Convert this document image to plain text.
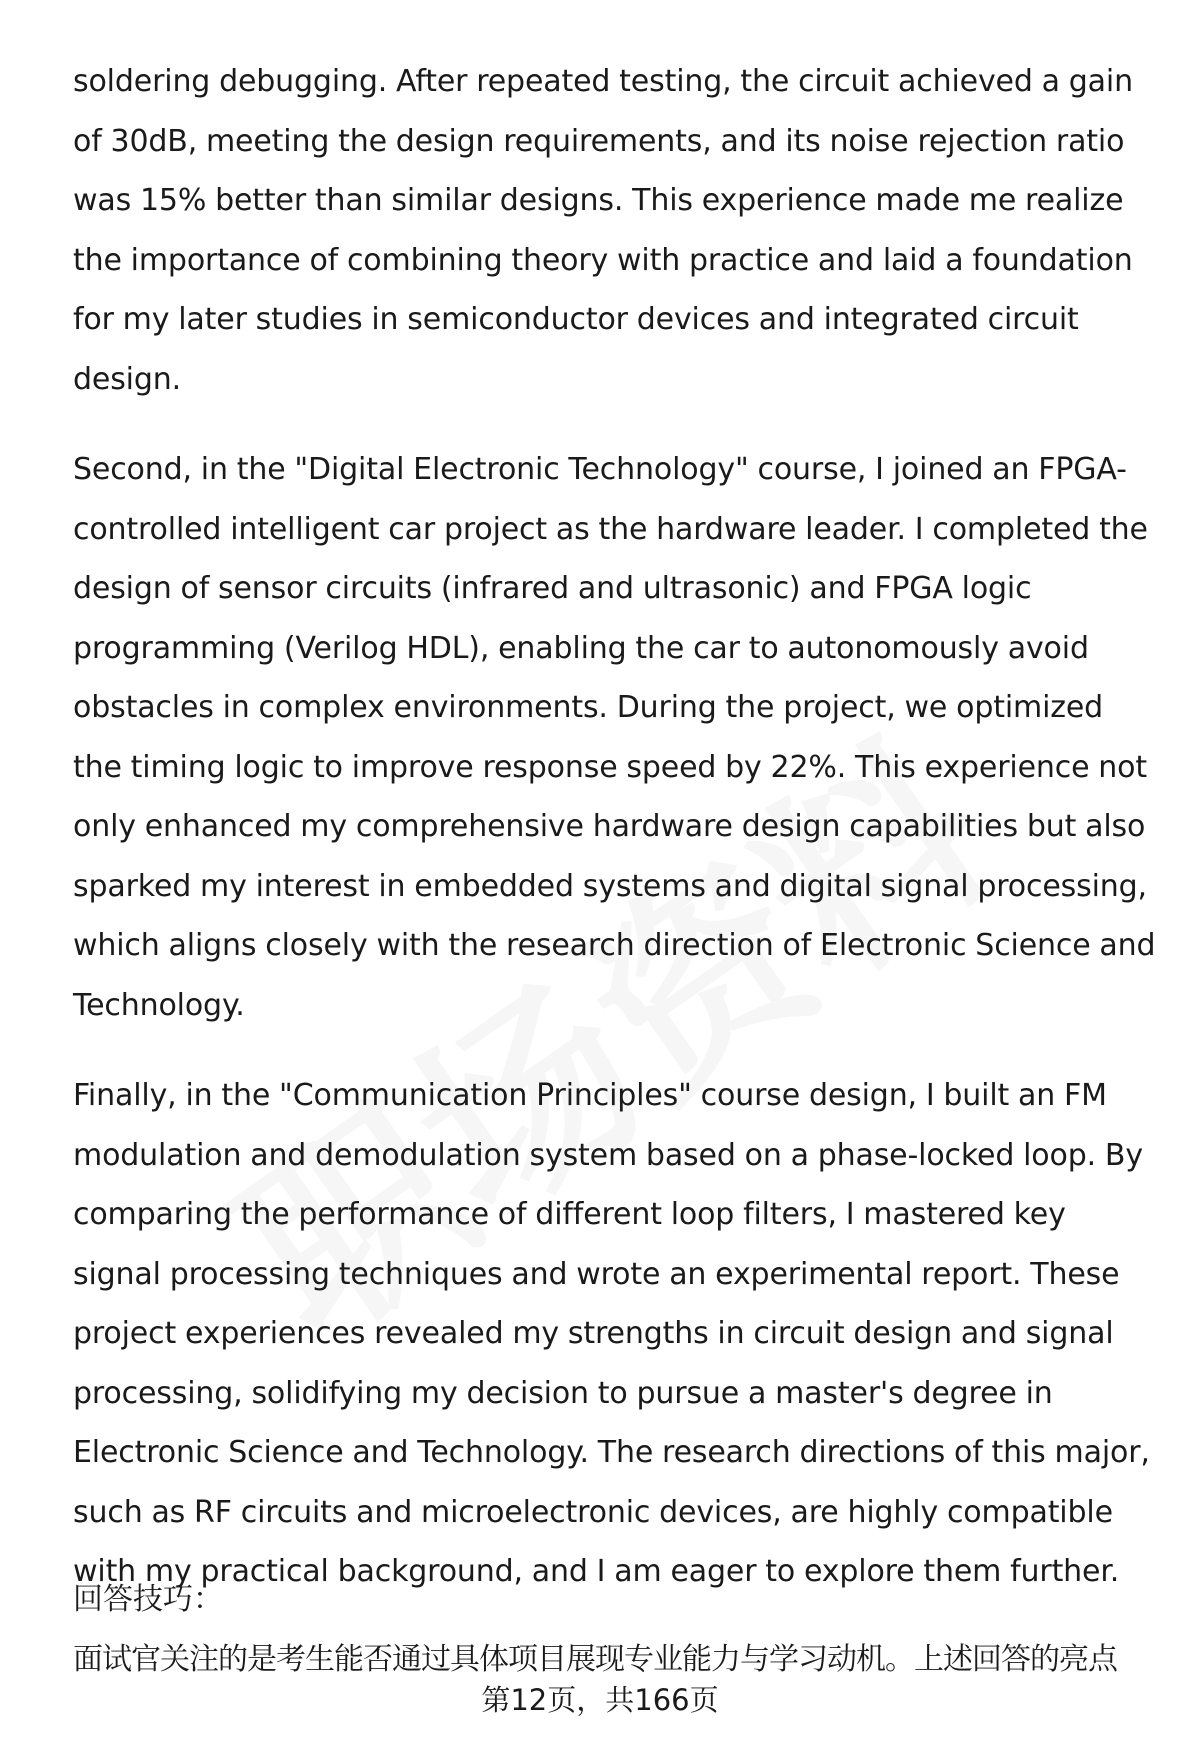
soldering debugging. After repeated testing, the circuit achieved a gain of 30dB, meeting the design requirements, and its noise rejection ratio was 15% better than similar designs. This experience made me realize the importance of combining theory with practice and laid a foundation for my later studies in semiconductor devices and integrated circuit design.

Second, in the "Digital Electronic Technology" course, I joined an FPGA-controlled intelligent car project as the hardware leader. I completed the design of sensor circuits (infrared and ultrasonic) and FPGA logic programming (Verilog HDL), enabling the car to autonomously avoid obstacles in complex environments. During the project, we optimized the timing logic to improve response speed by 22%. This experience not only enhanced my comprehensive hardware design capabilities but also sparked my interest in embedded systems and digital signal processing, which aligns closely with the research direction of Electronic Science and Technology.

Finally, in the "Communication Principles" course design, I built an FM modulation and demodulation system based on a phase-locked loop. By comparing the performance of different loop filters, I mastered key signal processing techniques and wrote an experimental report. These project experiences revealed my strengths in circuit design and signal processing, solidifying my decision to pursue a master's degree in Electronic Science and Technology. The research directions of this major, such as RF circuits and microelectronic devices, are highly compatible with my practical background, and I am eager to explore them further.

回答技巧：
面试官关注的是考生能否通过具体项目展现专业能力与学习动机。上述回答的亮点
第12页，共166页
